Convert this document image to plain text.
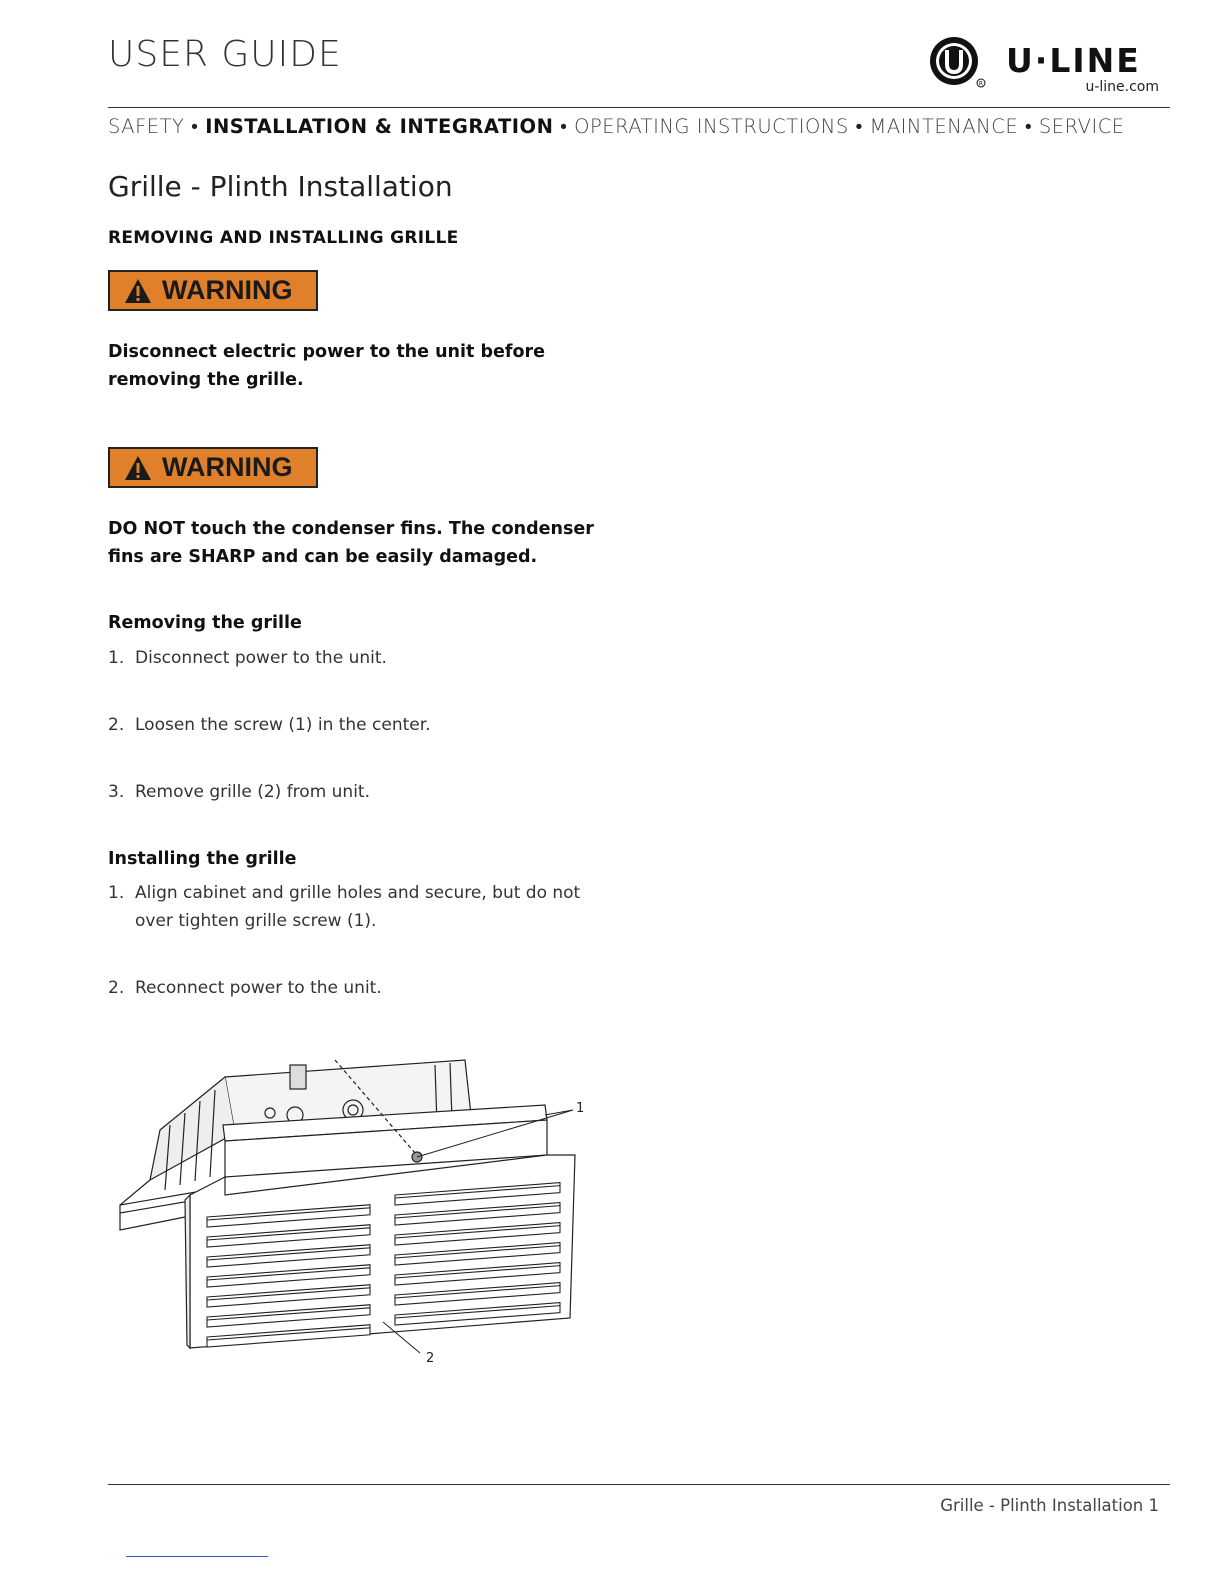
USER GUIDE
R
U·LINE
u-line.com
SAFETY • INSTALLATION & INTEGRATION • OPERATING INSTRUCTIONS • MAINTENANCE • SERVICE
Grille - Plinth Installation
REMOVING AND INSTALLING GRILLE
WARNING
Disconnect electric power to the unit before
removing the grille.
WARNING
DO NOT touch the condenser fins. The condenser
fins are SHARP and can be easily damaged.
Removing the grille
1. Disconnect power to the unit.
2. Loosen the screw (1) in the center.
3. Remove grille (2) from unit.
Installing the grille
1. Align cabinet and grille holes and secure, but do not
over tighten grille screw (1).
2. Reconnect power to the unit.
1
2
Grille - Plinth Installation 1
